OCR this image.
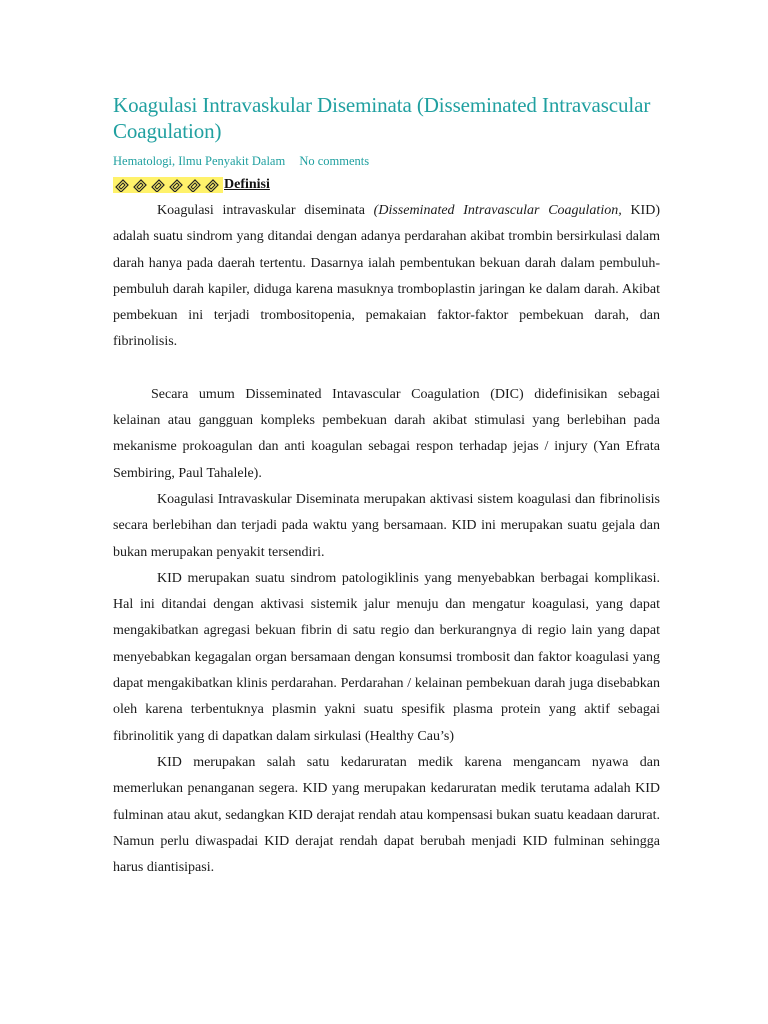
Koagulasi Intravaskular Diseminata (Disseminated Intravascular Coagulation)
Hematologi, Ilmu Penyakit Dalam No comments
Definisi

Koagulasi intravaskular diseminata (Disseminated Intravascular Coagulation, KID) adalah suatu sindrom yang ditandai dengan adanya perdarahan akibat trombin bersirkulasi dalam darah hanya pada daerah tertentu. Dasarnya ialah pembentukan bekuan darah dalam pembuluh-pembuluh darah kapiler, diduga karena masuknya tromboplastin jaringan ke dalam darah. Akibat pembekuan ini terjadi trombositopenia, pemakaian faktor-faktor pembekuan darah, dan fibrinolisis.

Secara umum Disseminated Intavascular Coagulation (DIC) didefinisikan sebagai kelainan atau gangguan kompleks pembekuan darah akibat stimulasi yang berlebihan pada mekanisme prokoagulan dan anti koagulan sebagai respon terhadap jejas / injury (Yan Efrata Sembiring, Paul Tahalele).

Koagulasi Intravaskular Diseminata merupakan aktivasi sistem koagulasi dan fibrinolisis secara berlebihan dan terjadi pada waktu yang bersamaan. KID ini merupakan suatu gejala dan bukan merupakan penyakit tersendiri.

KID merupakan suatu sindrom patologiklinis yang menyebabkan berbagai komplikasi. Hal ini ditandai dengan aktivasi sistemik jalur menuju dan mengatur koagulasi, yang dapat mengakibatkan agregasi bekuan fibrin di satu regio dan berkurangnya di regio lain yang dapat menyebabkan kegagalan organ bersamaan dengan konsumsi trombosit dan faktor koagulasi yang dapat mengakibatkan klinis perdarahan. Perdarahan / kelainan pembekuan darah juga disebabkan oleh karena terbentuknya plasmin yakni suatu spesifik plasma protein yang aktif sebagai fibrinolitik yang di dapatkan dalam sirkulasi (Healthy Cau’s)

KID merupakan salah satu kedaruratan medik karena mengancam nyawa dan memerlukan penanganan segera. KID yang merupakan kedaruratan medik terutama adalah KID fulminan atau akut, sedangkan KID derajat rendah atau kompensasi bukan suatu keadaan darurat. Namun perlu diwaspadai KID derajat rendah dapat berubah menjadi KID fulminan sehingga harus diantisipasi.
